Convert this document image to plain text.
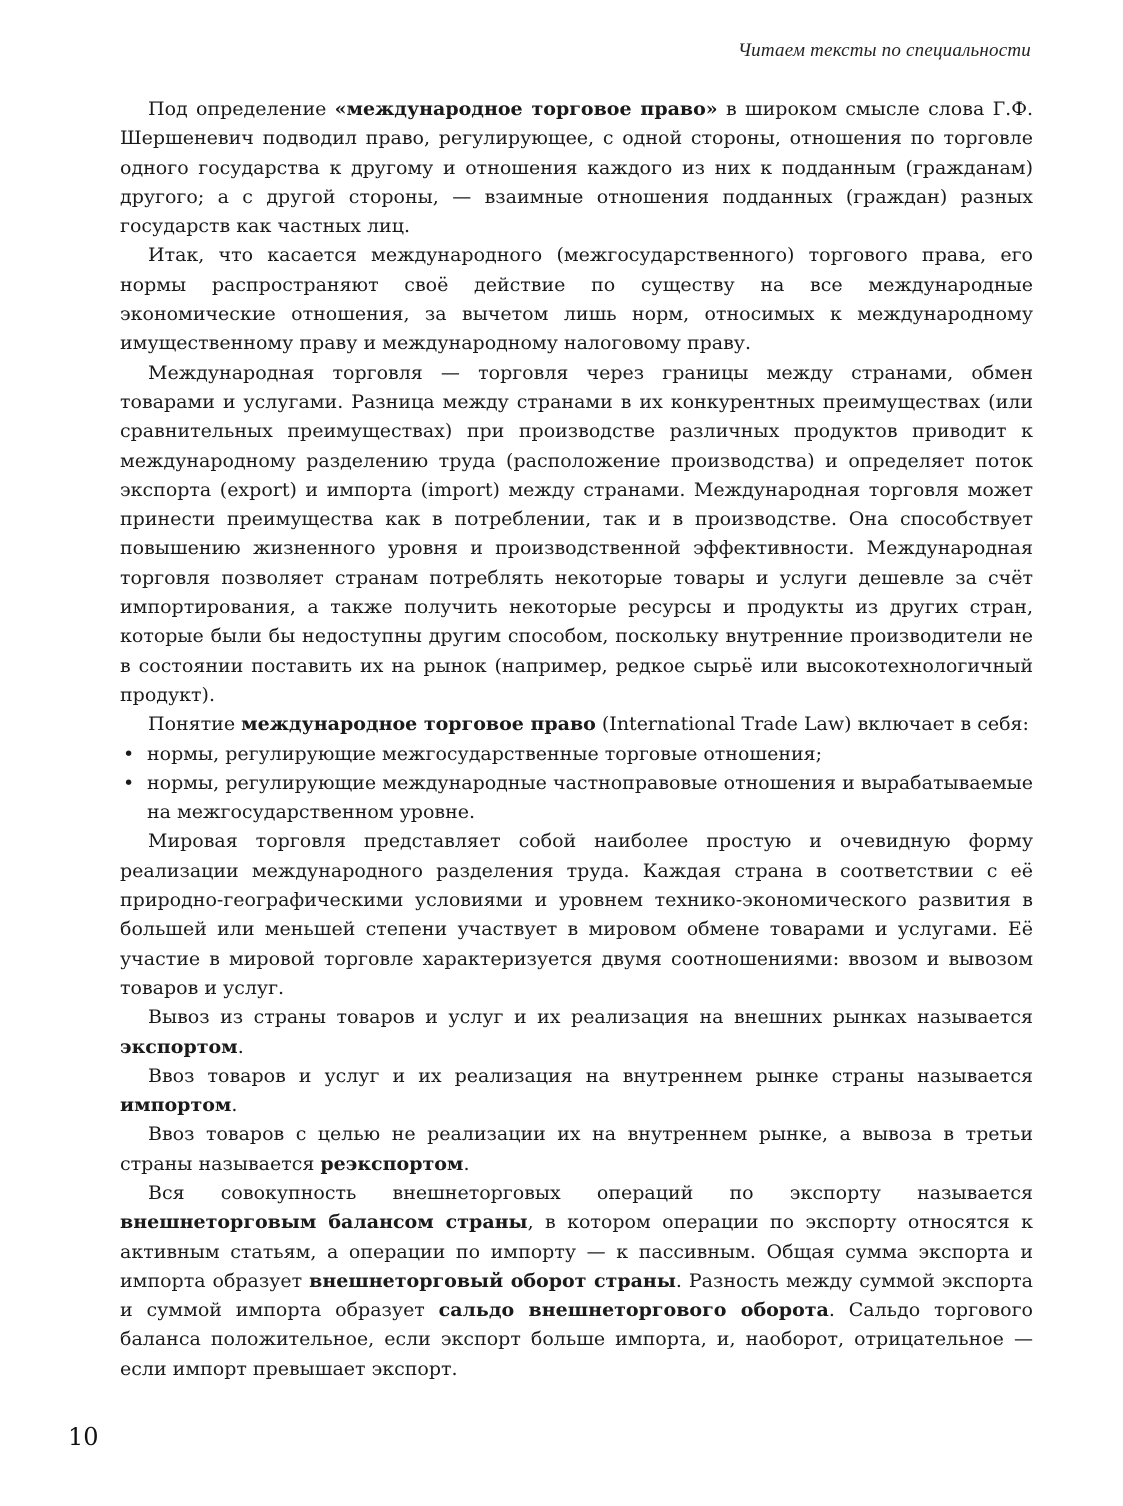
Читаем тексты по специальности

Под определение «международное торговое право» в широком смысле слова Г.Ф. Шершеневич подводил право, регулирующее, с одной стороны, отношения по торговле одного государства к другому и отношения каждого из них к подданным (гражданам) другого; а с другой стороны, — взаимные отношения подданных (граждан) разных государств как частных лиц.

Итак, что касается международного (межгосударственного) торгового права, его нормы распространяют своё действие по существу на все международные экономические отношения, за вычетом лишь норм, относимых к международному имущественному праву и международному налоговому праву.

Международная торговля — торговля через границы между странами, обмен товарами и услугами. Разница между странами в их конкурентных преимуществах (или сравнительных преимуществах) при производстве различных продуктов приводит к международному разделению труда (расположение производства) и определяет поток экспорта (export) и импорта (import) между странами. Международная торговля может принести преимущества как в потреблении, так и в производстве. Она способствует повышению жизненного уровня и производственной эффективности. Международная торговля позволяет странам потреблять некоторые товары и услуги дешевле за счёт импортирования, а также получить некоторые ресурсы и продукты из других стран, которые были бы недоступны другим способом, поскольку внутренние производители не в состоянии поставить их на рынок (например, редкое сырьё или высокотехнологичный продукт).

Понятие международное торговое право (International Trade Law) включает в себя:

• нормы, регулирующие межгосударственные торговые отношения;
• нормы, регулирующие международные частноправовые отношения и вырабатываемые на межгосударственном уровне.

Мировая торговля представляет собой наиболее простую и очевидную форму реализации международного разделения труда. Каждая страна в соответствии с её природно-географическими условиями и уровнем технико-экономического развития в большей или меньшей степени участвует в мировом обмене товарами и услугами. Её участие в мировой торговле характеризуется двумя соотношениями: ввозом и вывозом товаров и услуг.

Вывоз из страны товаров и услуг и их реализация на внешних рынках называется экспортом.

Ввоз товаров и услуг и их реализация на внутреннем рынке страны называется импортом.

Ввоз товаров с целью не реализации их на внутреннем рынке, а вывоза в третьи страны называется реэкспортом.

Вся совокупность внешнеторговых операций по экспорту называется внешнеторговым балансом страны, в котором операции по экспорту относятся к активным статьям, а операции по импорту — к пассивным. Общая сумма экспорта и импорта образует внешнеторговый оборот страны. Разность между суммой экспорта и суммой импорта образует сальдо внешнеторгового оборота. Сальдо торгового баланса положительное, если экспорт больше импорта, и, наоборот, отрицательное — если импорт превышает экспорт.

10
